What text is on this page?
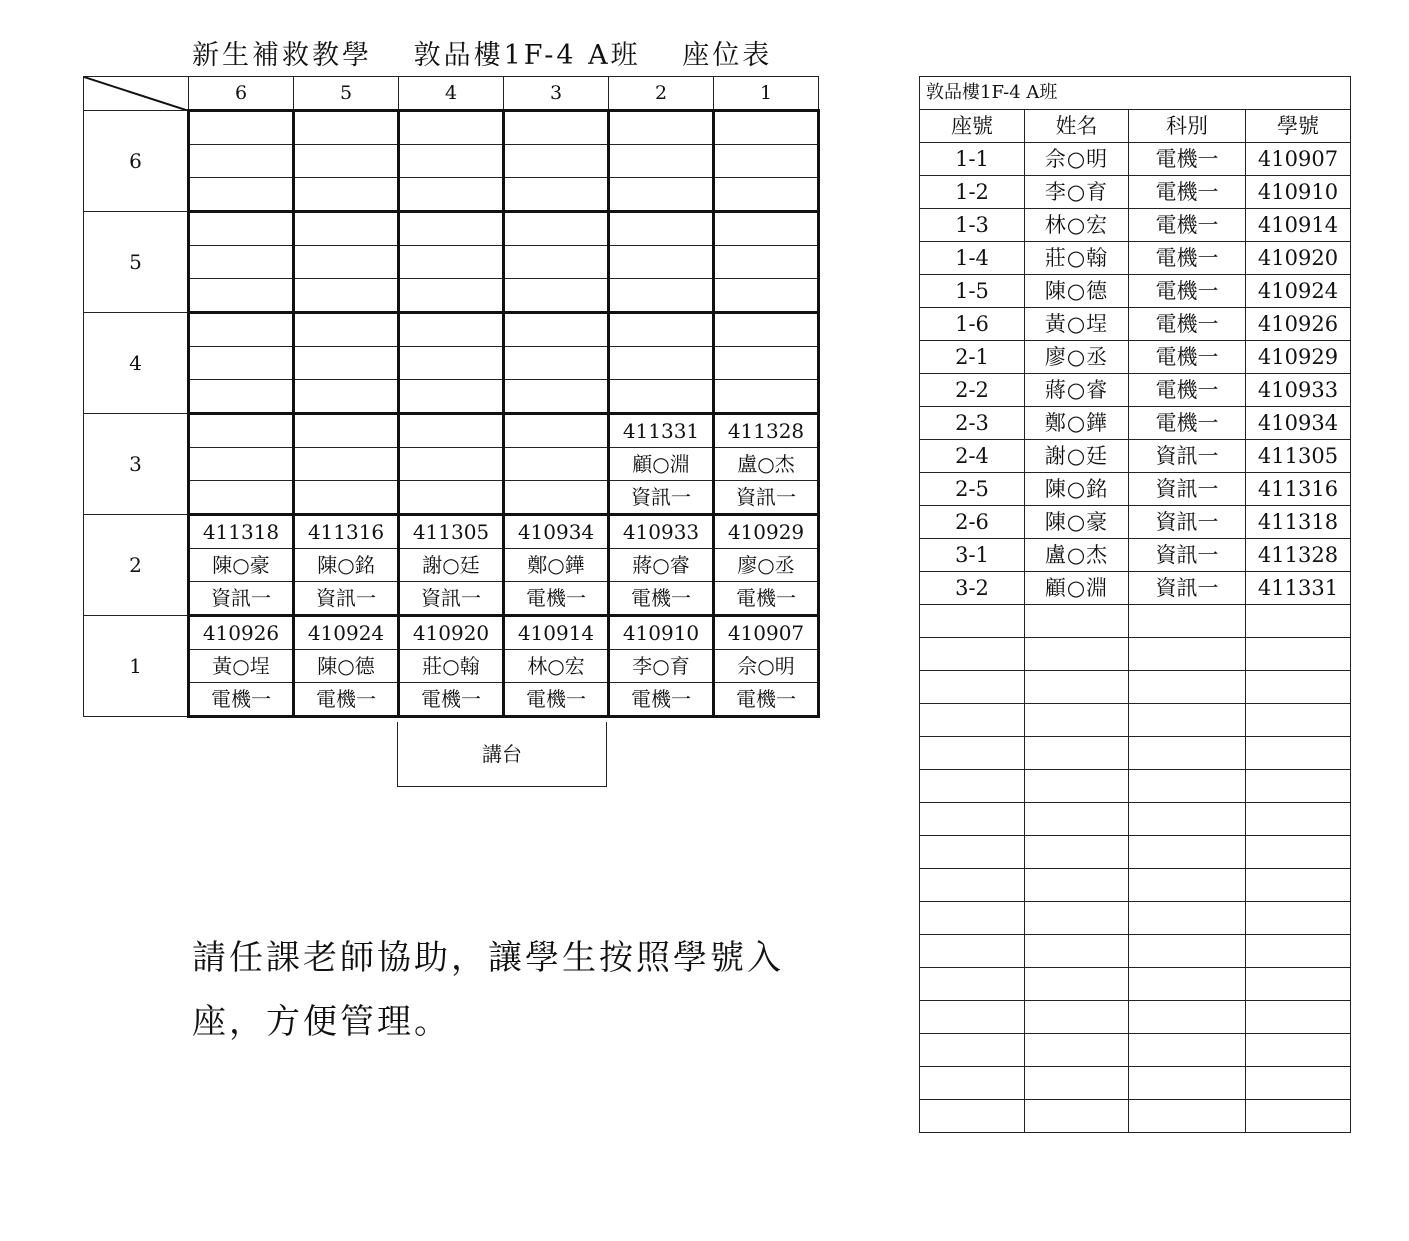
新生補救教學　 敦品樓1F-4 A班 　座位表
	6	5	4	3	2	1
6						

5						

4						

3					411331	411328
					顧○淵	盧○杰
					資訊一	資訊一
2	411318	411316	411305	410934	410933	410929
	陳○豪	陳○銘	謝○廷	鄭○鏵	蔣○睿	廖○丞
	資訊一	資訊一	資訊一	電機一	電機一	電機一
1	410926	410924	410920	410914	410910	410907
	黃○埕	陳○德	莊○翰	林○宏	李○育	佘○明
	電機一	電機一	電機一	電機一	電機一	電機一
講台
請任課老師協助，讓學生按照學號入座，方便管理。
敦品樓1F-4 A班			
座號	姓名	科別	學號
1-1	佘○明	電機一	410907
1-2	李○育	電機一	410910
1-3	林○宏	電機一	410914
1-4	莊○翰	電機一	410920
1-5	陳○德	電機一	410924
1-6	黃○埕	電機一	410926
2-1	廖○丞	電機一	410929
2-2	蔣○睿	電機一	410933
2-3	鄭○鏵	電機一	410934
2-4	謝○廷	資訊一	411305
2-5	陳○銘	資訊一	411316
2-6	陳○豪	資訊一	411318
3-1	盧○杰	資訊一	411328
3-2	顧○淵	資訊一	411331
